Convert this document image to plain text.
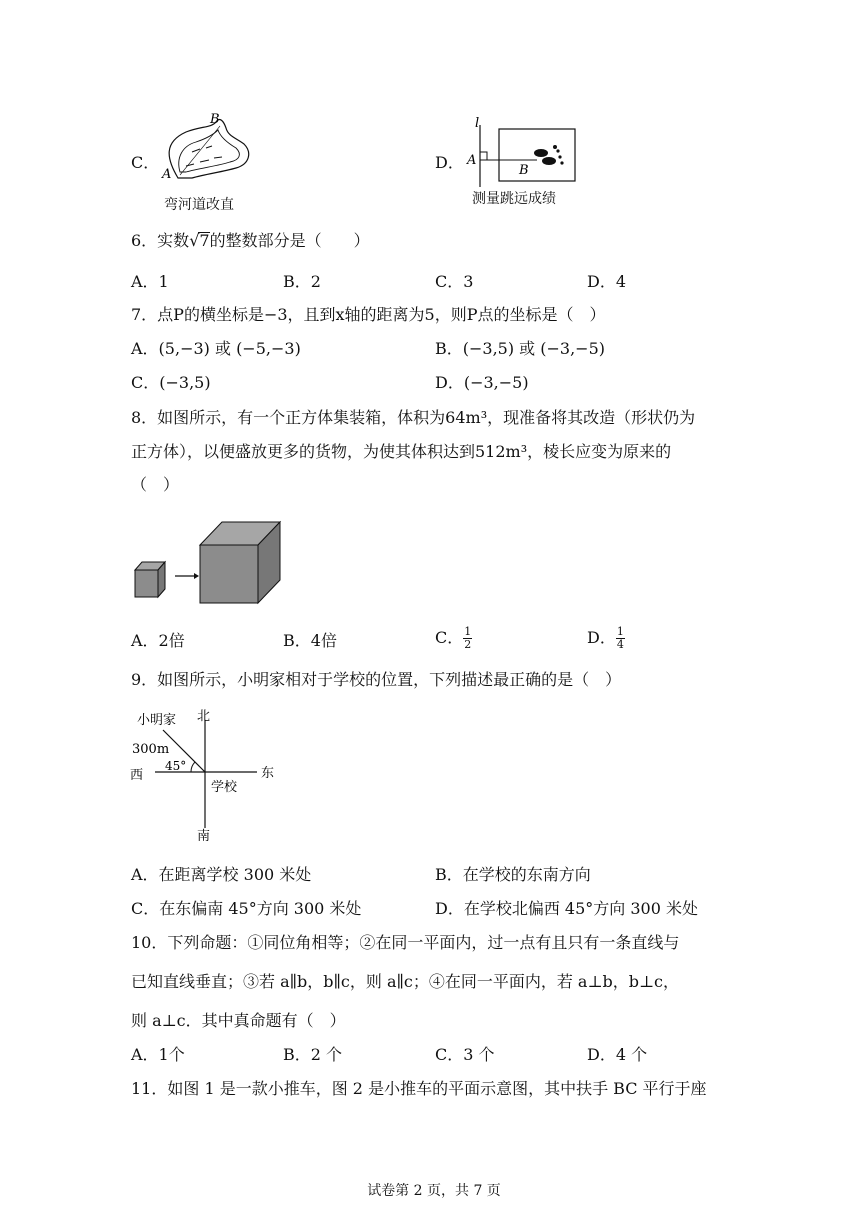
C．
B
A
弯河道改直
D．
l
A
B
测量跳远成绩
6．实数√7的整数部分是（　　）
A．1	B．2	C．3	D．4
7．点P的横坐标是−3，且到x轴的距离为5，则P点的坐标是（　）
A．(5,−3) 或 (−5,−3)	B．(−3,5) 或 (−3,−5)
C．(−3,5)	D．(−3,−5)
8．如图所示，有一个正方体集装箱，体积为64m³，现准备将其改造（形状仍为
正方体），以便盛放更多的货物，为使其体积达到512m³，棱长应变为原来的
（　）
A．2倍	B．4倍	C． $\frac{1}{2}$	D． $\frac{1}{4}$
9．如图所示，小明家相对于学校的位置，下列描述最正确的是（　）
北
南
东
西
小明家
300m
45°
学校
A．在距离学校 300 米处	B．在学校的东南方向
C．在东偏南 45°方向 300 米处	D．在学校北偏西 45°方向 300 米处
10．下列命题：①同位角相等；②在同一平面内，过一点有且只有一条直线与
已知直线垂直；③若 a∥b，b∥c，则 a∥c；④在同一平面内，若 a⊥b，b⊥c，
则 a⊥c．其中真命题有（　）
A．1个	B．2 个	C．3 个	D．4 个
11．如图 1 是一款小推车，图 2 是小推车的平面示意图，其中扶手 BC 平行于座
试卷第 2 页，共 7 页
